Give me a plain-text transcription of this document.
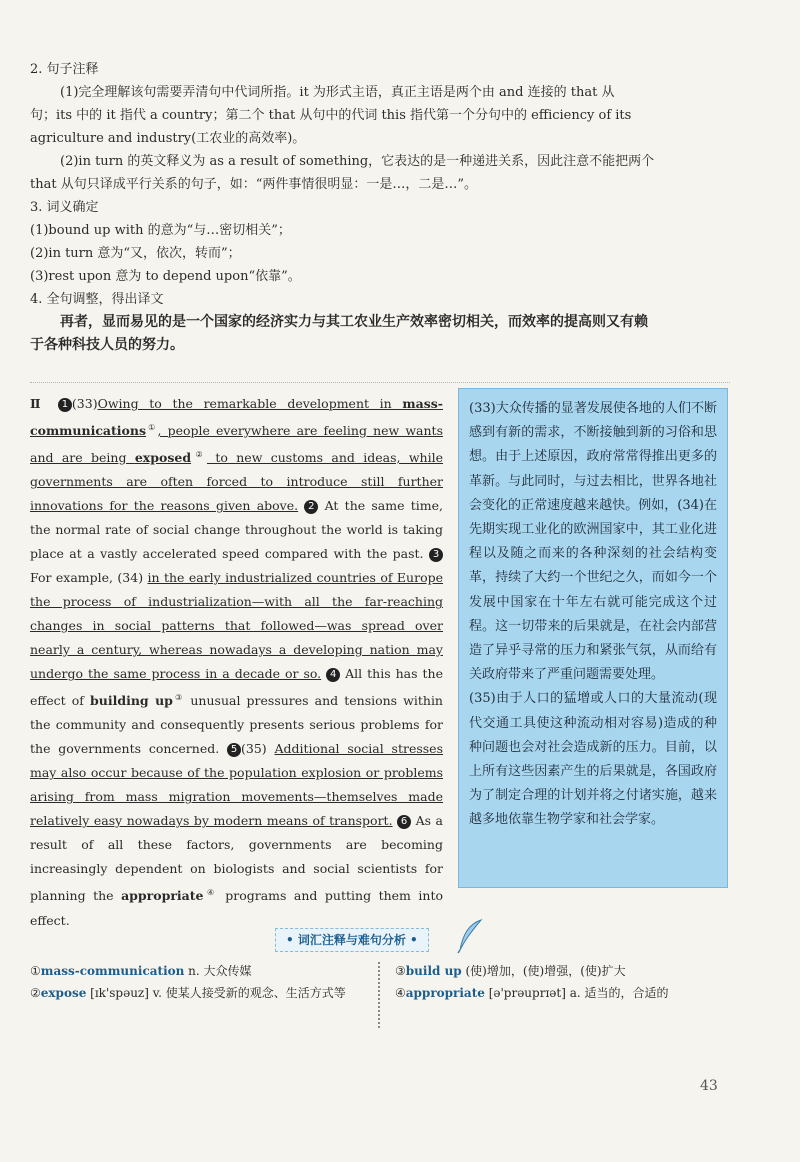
2. 句子注释

(1)完全理解该句需要弄清句中代词所指。it 为形式主语，真正主语是两个由 and 连接的 that 从

句；its 中的 it 指代 a country；第二个 that 从句中的代词 this 指代第一个分句中的 efficiency of its

agriculture and industry(工农业的高效率)。

(2)in turn 的英文释义为 as a result of something，它表达的是一种递进关系，因此注意不能把两个

that 从句只译成平行关系的句子，如：“两件事情很明显：一是…，二是…”。

3. 词义确定

(1)bound up with 的意为“与…密切相关”；

(2)in turn 意为“又，依次，转而”；

(3)rest upon 意为 to depend upon“依靠”。

4. 全句调整，得出译文

再者，显而易见的是一个国家的经济实力与其工农业生产效率密切相关，而效率的提高则又有赖

于各种科技人员的努力。

Ⅱ 1 (33)Owing to the remarkable development in mass-communications①, people everywhere are feeling new wants and are being exposed② to new customs and ideas, while governments are often forced to introduce still further innovations for the reasons given above. 2 At the same time, the normal rate of social change throughout the world is taking place at a vastly accelerated speed compared with the past. 3 For example, (34) in the early industrialized countries of Europe the process of industrialization—with all the far-reaching changes in social patterns that followed—was spread over nearly a century, whereas nowadays a developing nation may undergo the same process in a decade or so. 4 All this has the effect of building up③ unusual pressures and tensions within the community and consequently presents serious problems for the governments concerned. 5 (35) Additional social stresses may also occur because of the population explosion or problems arising from mass migration movements—themselves made relatively easy nowadays by modern means of transport. 6 As a result of all these factors, governments are becoming increasingly dependent on biologists and social scientists for planning the appropriate④ programs and putting them into effect.

(33)大众传播的显著发展使各地的人们不断感到有新的需求，不断接触到新的习俗和思想。由于上述原因，政府常常得推出更多的革新。与此同时，与过去相比，世界各地社会变化的正常速度越来越快。例如，(34)在先期实现工业化的欧洲国家中，其工业化进程以及随之而来的各种深刻的社会结构变革，持续了大约一个世纪之久，而如今一个发展中国家在十年左右就可能完成这个过程。这一切带来的后果就是，在社会内部营造了异乎寻常的压力和紧张气氛，从而给有关政府带来了严重问题需要处理。

(35)由于人口的猛增或人口的大量流动(现代交通工具使这种流动相对容易)造成的种种问题也会对社会造成新的压力。目前，以上所有这些因素产生的后果就是，各国政府为了制定合理的计划并将之付诸实施，越来越多地依靠生物学家和社会学家。

• 词汇注释与难句分析 •
①mass-communication n. 大众传媒
②expose [ɪk'spəuz] v. 使某人接受新的观念、生活方式等
③build up (使)增加，(使)增强，(使)扩大
④appropriate [ə'prəuprɪət] a. 适当的，合适的
43
